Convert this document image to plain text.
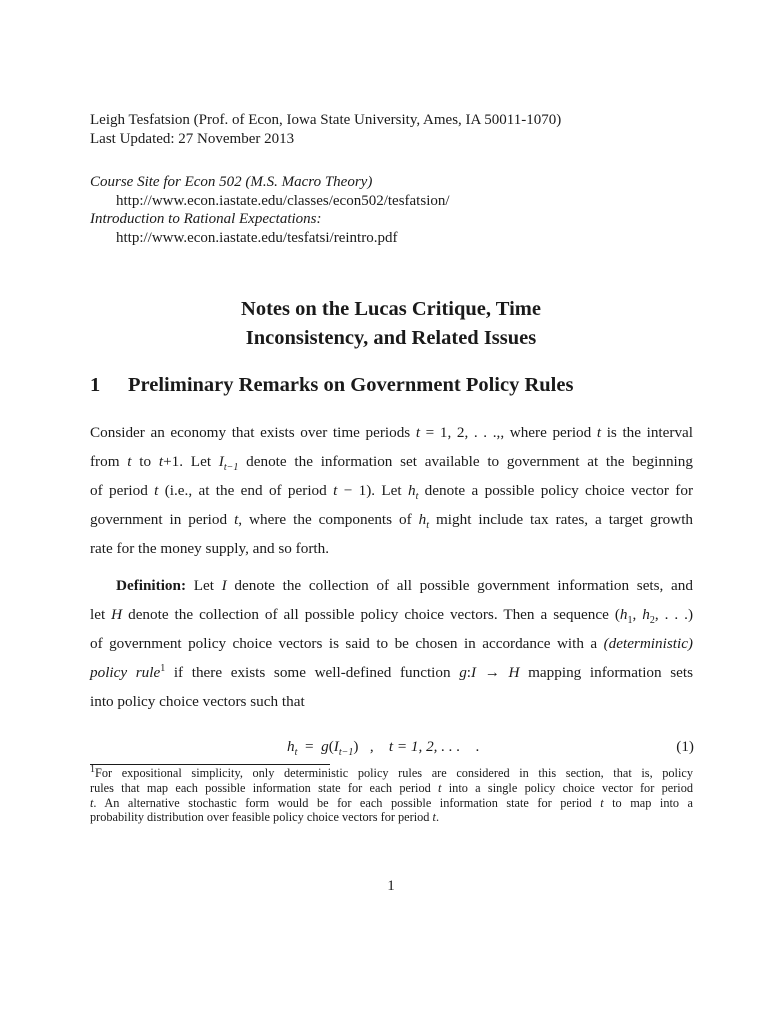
Leigh Tesfatsion (Prof. of Econ, Iowa State University, Ames, IA 50011-1070)
Last Updated: 27 November 2013
Course Site for Econ 502 (M.S. Macro Theory)
http://www.econ.iastate.edu/classes/econ502/tesfatsion/
Introduction to Rational Expectations:
http://www.econ.iastate.edu/tesfatsi/reintro.pdf
Notes on the Lucas Critique, Time
Inconsistency, and Related Issues
1 Preliminary Remarks on Government Policy Rules
Consider an economy that exists over time periods t = 1, 2, . . .,, where period t is the interval
from t to t+1. Let $I_{t-1}$ denote the information set available to government at the beginning
of period t (i.e., at the end of period t − 1). Let $h_t$ denote a possible policy choice vector for
government in period t, where the components of $h_t$ might include tax rates, a target growth
rate for the money supply, and so forth.
Definition: Let I denote the collection of all possible government information sets, and
let H denote the collection of all possible policy choice vectors. Then a sequence ($h_1$, $h_2$, . . .)
of government policy choice vectors is said to be chosen in accordance with a (deterministic)
policy rule$^1$ if there exists some well-defined function g:I → H mapping information sets
into policy choice vectors such that
$h_t = g(I_{t-1})$   ,    t = 1, 2, . . . .	(1)
$^1$For expositional simplicity, only deterministic policy rules are considered in this section, that is, policy
rules that map each possible information state for each period t into a single policy choice vector for period
t. An alternative stochastic form would be for each possible information state for period t to map into a
probability distribution over feasible policy choice vectors for period t.
1
